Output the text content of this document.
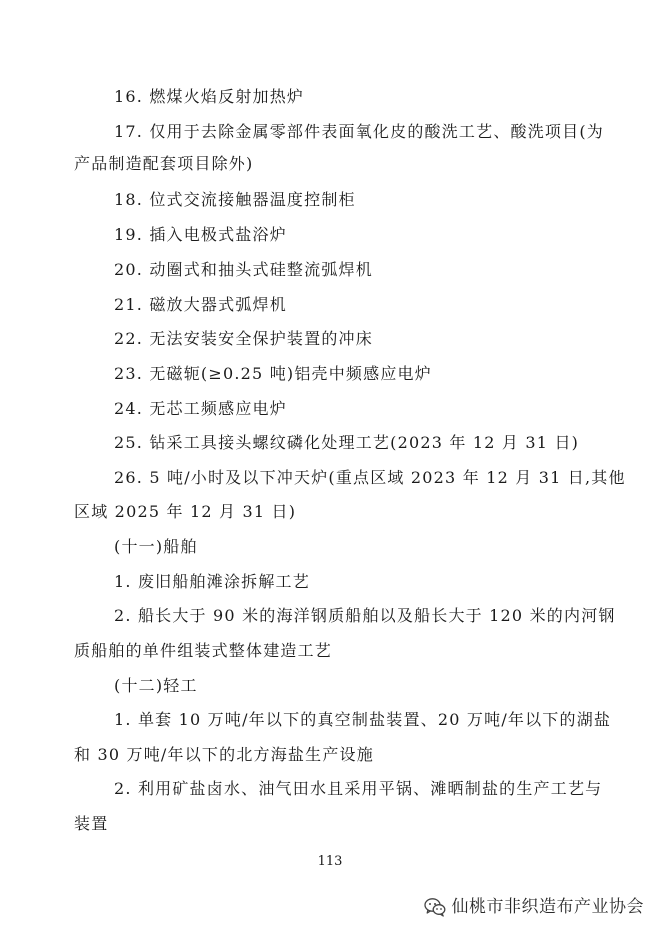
16. 燃煤火焰反射加热炉
17. 仅用于去除金属零部件表面氧化皮的酸洗工艺、酸洗项目(为
产品制造配套项目除外)
18. 位式交流接触器温度控制柜
19. 插入电极式盐浴炉
20. 动圈式和抽头式硅整流弧焊机
21. 磁放大器式弧焊机
22. 无法安装安全保护装置的冲床
23. 无磁轭(≥0.25 吨)铝壳中频感应电炉
24. 无芯工频感应电炉
25. 钻采工具接头螺纹磷化处理工艺(2023 年 12 月 31 日)
26. 5 吨/小时及以下冲天炉(重点区域 2023 年 12 月 31 日,其他
区域 2025 年 12 月 31 日)
(十一)船舶
1. 废旧船舶滩涂拆解工艺
2. 船长大于 90 米的海洋钢质船舶以及船长大于 120 米的内河钢
质船舶的单件组装式整体建造工艺
(十二)轻工
1. 单套 10 万吨/年以下的真空制盐装置、20 万吨/年以下的湖盐
和 30 万吨/年以下的北方海盐生产设施
2. 利用矿盐卤水、油气田水且采用平锅、滩晒制盐的生产工艺与
装置
113
仙桃市非织造布产业协会
